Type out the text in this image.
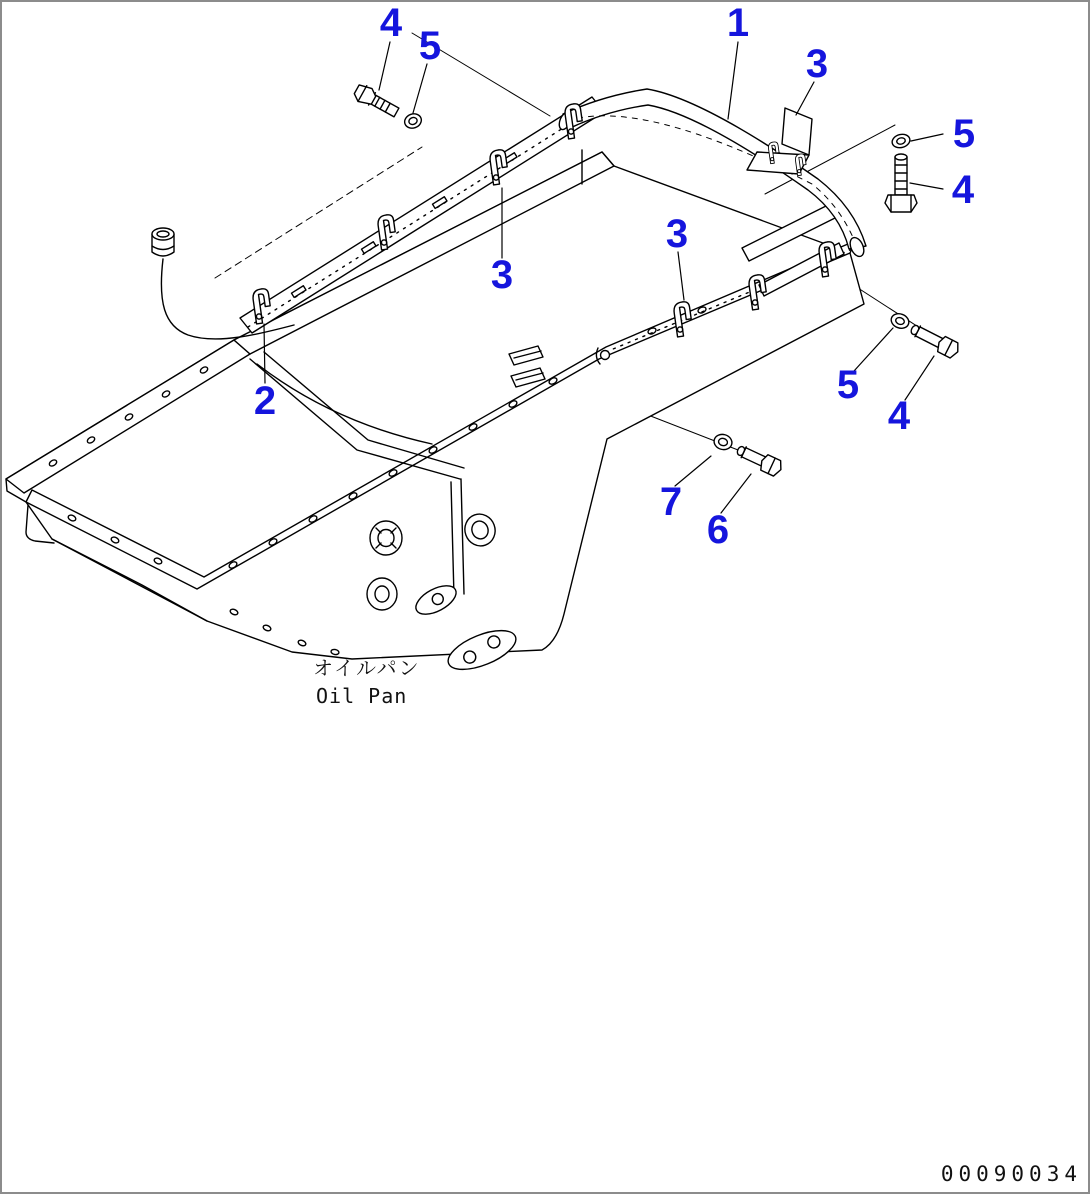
4
5
1
3
5
4
3
3
2	5
4
7
6
オイルパン
Oil Pan
00090034
